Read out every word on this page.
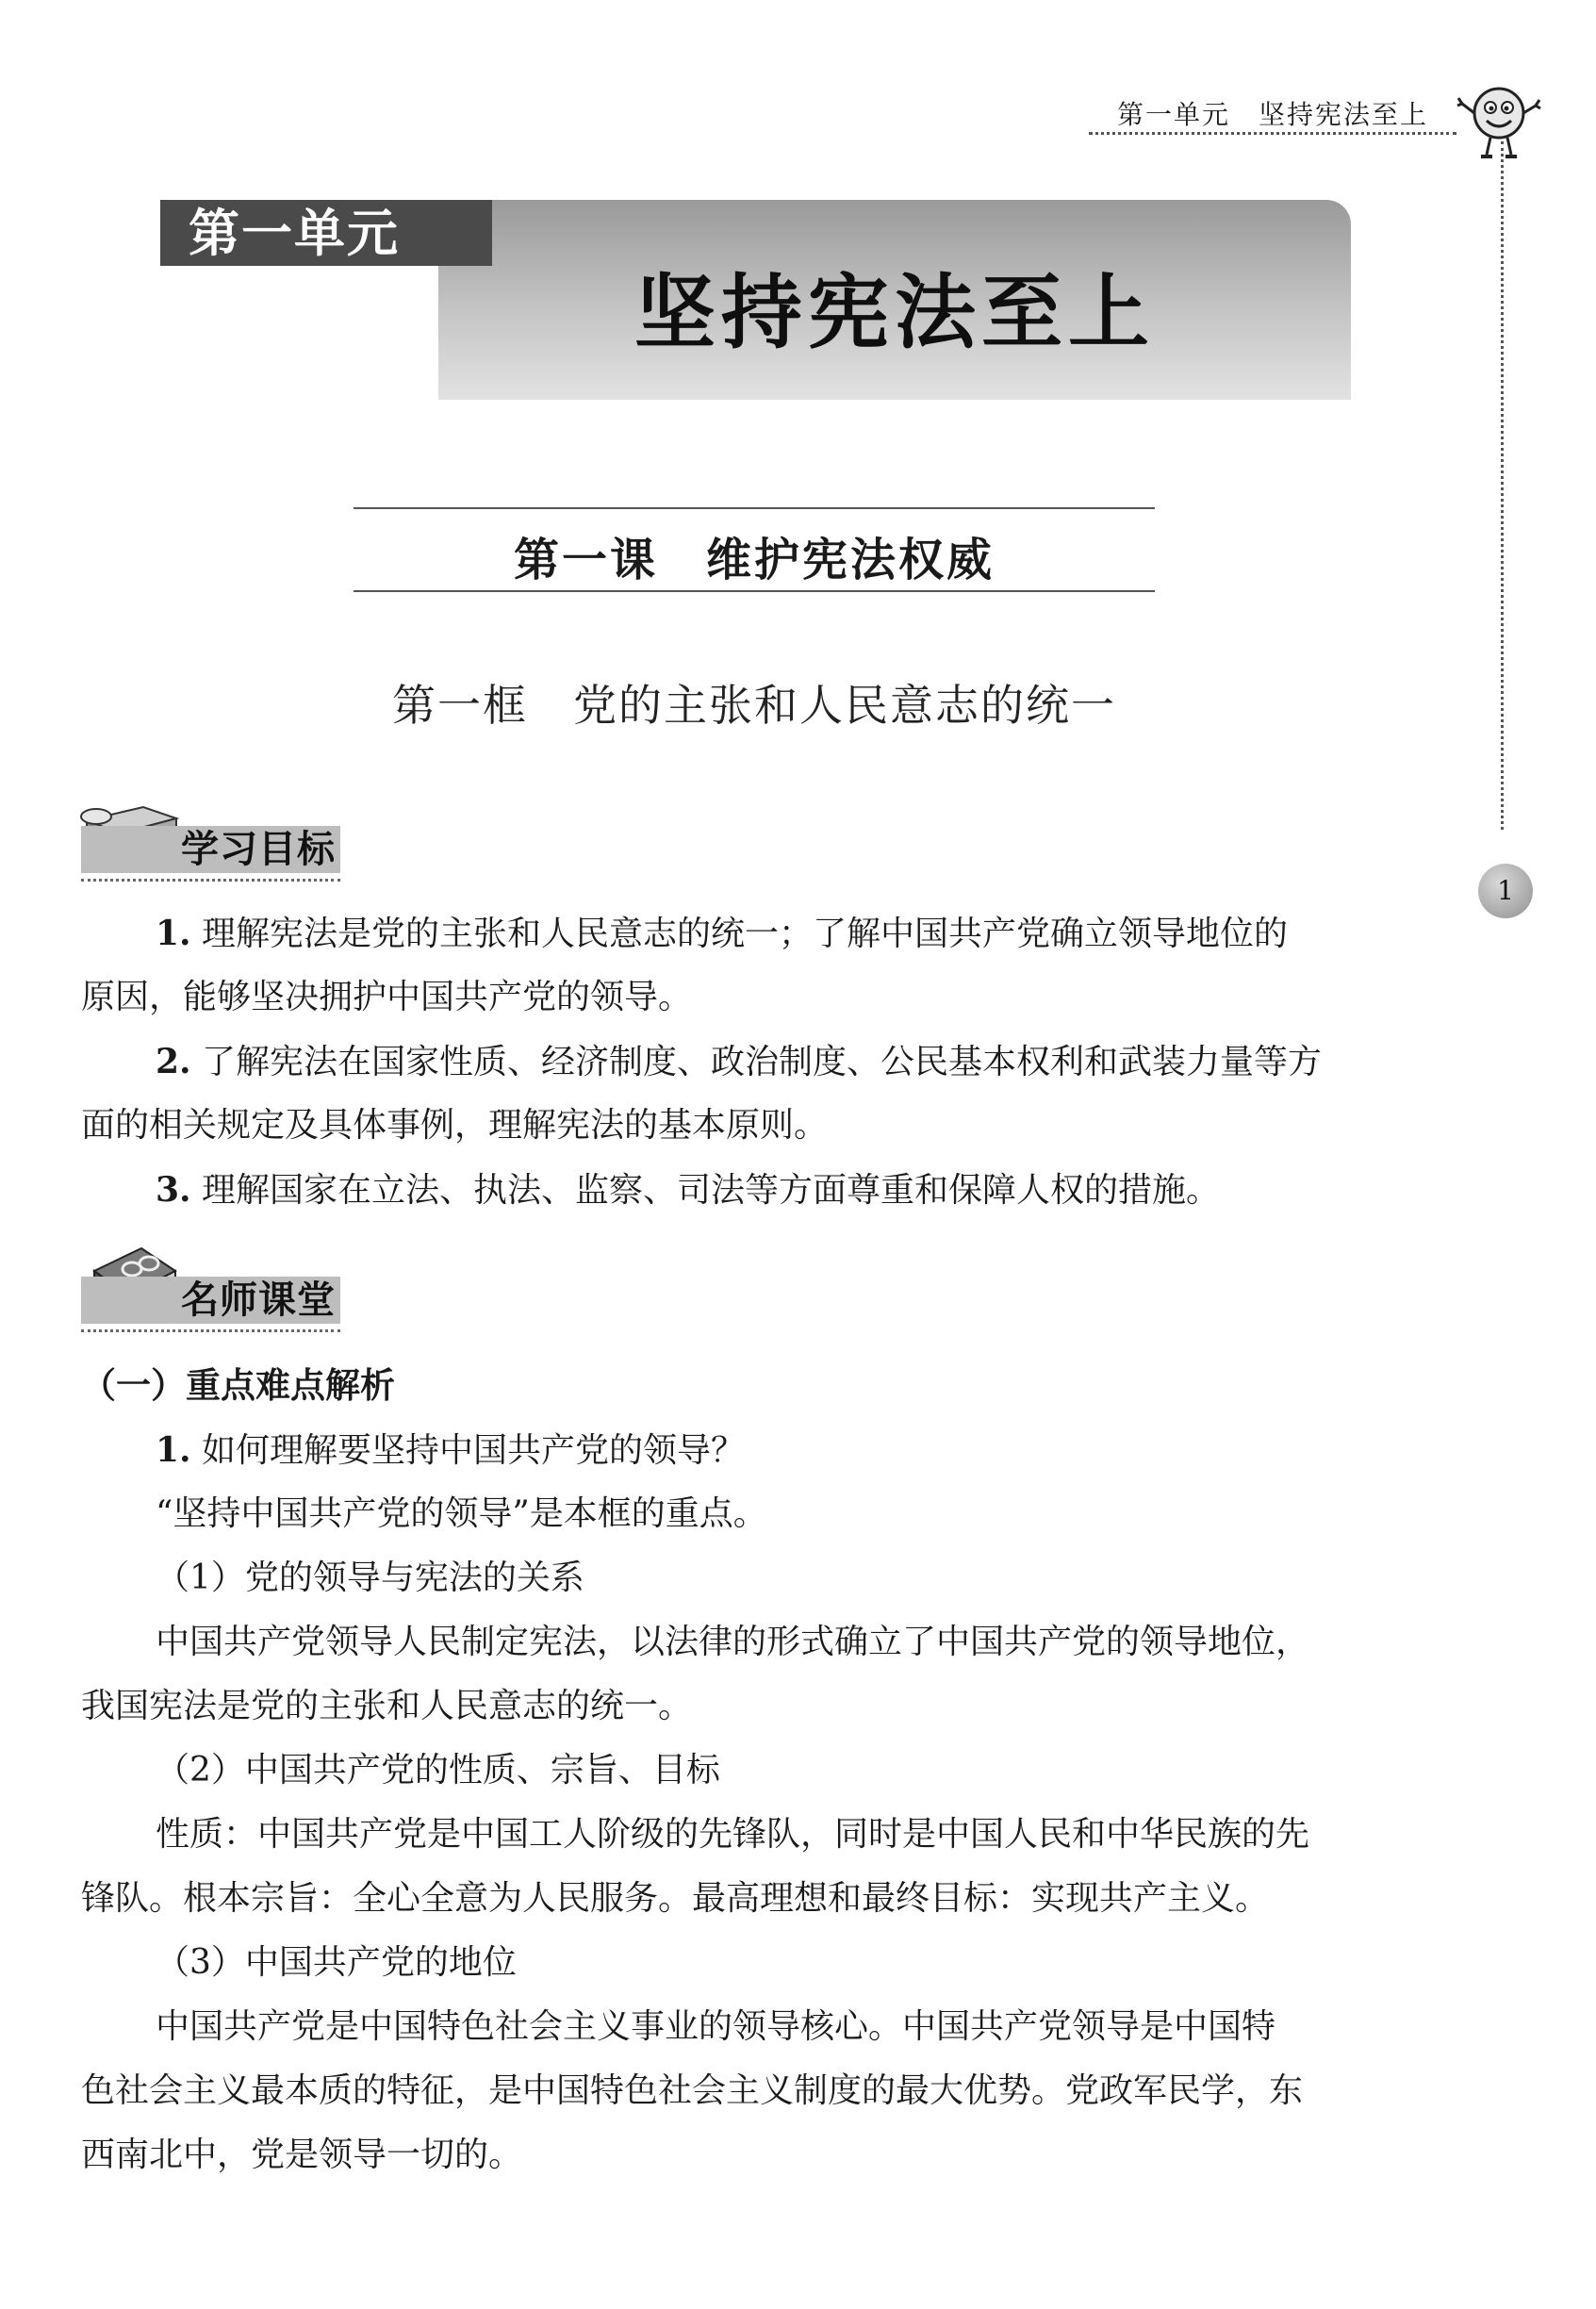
第一单元　坚持宪法至上
第一单元
坚持宪法至上
第一课　维护宪法权威
第一框　党的主张和人民意志的统一
学习目标
1
1. 理解宪法是党的主张和人民意志的统一；了解中国共产党确立领导地位的
原因，能够坚决拥护中国共产党的领导。
2. 了解宪法在国家性质、经济制度、政治制度、公民基本权利和武装力量等方
面的相关规定及具体事例，理解宪法的基本原则。
3. 理解国家在立法、执法、监察、司法等方面尊重和保障人权的措施。
名师课堂
（一）重点难点解析
1. 如何理解要坚持中国共产党的领导？
“坚持中国共产党的领导”是本框的重点。
（1）党的领导与宪法的关系
中国共产党领导人民制定宪法，以法律的形式确立了中国共产党的领导地位，
我国宪法是党的主张和人民意志的统一。
（2）中国共产党的性质、宗旨、目标
性质：中国共产党是中国工人阶级的先锋队，同时是中国人民和中华民族的先
锋队。根本宗旨：全心全意为人民服务。最高理想和最终目标：实现共产主义。
（3）中国共产党的地位
中国共产党是中国特色社会主义事业的领导核心。中国共产党领导是中国特
色社会主义最本质的特征，是中国特色社会主义制度的最大优势。党政军民学，东
西南北中，党是领导一切的。
